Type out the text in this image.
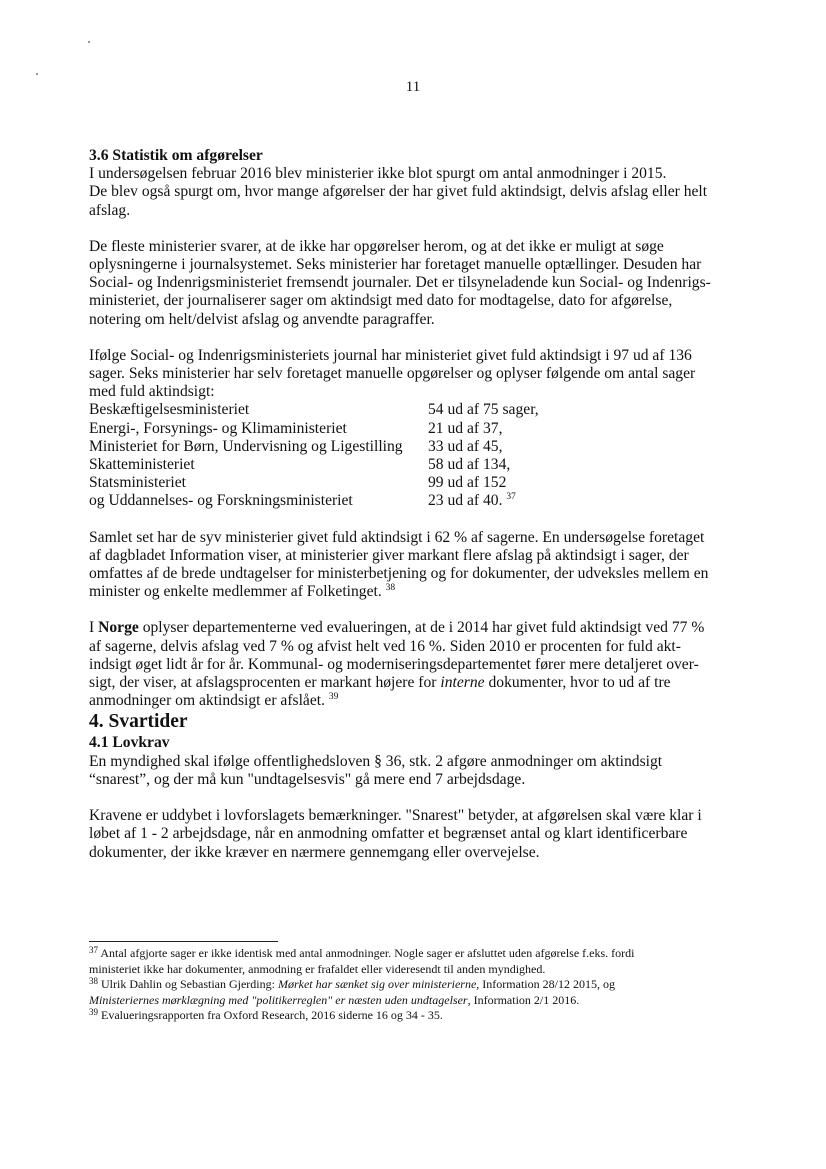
11

3.6 Statistik om afgørelser

I undersøgelsen februar 2016 blev ministerier ikke blot spurgt om antal anmodninger i 2015.
De blev også spurgt om, hvor mange afgørelser der har givet fuld aktindsigt, delvis afslag eller helt
afslag.

De fleste ministerier svarer, at de ikke har opgørelser herom, og at det ikke er muligt at søge
oplysningerne i journalsystemet. Seks ministerier har foretaget manuelle optællinger. Desuden har
Social- og Indenrigsministeriet fremsendt journaler. Det er tilsyneladende kun Social- og Indenrigs-
ministeriet, der journaliserer sager om aktindsigt med dato for modtagelse, dato for afgørelse,
notering om helt/delvist afslag og anvendte paragraffer.

Ifølge Social- og Indenrigsministeriets journal har ministeriet givet fuld aktindsigt i 97 ud af 136
sager. Seks ministerier har selv foretaget manuelle opgørelser og oplyser følgende om antal sager
med fuld aktindsigt:

Beskæftigelsesministeriet	54 ud af 75 sager,
Energi-, Forsynings- og Klimaministeriet	21 ud af 37,
Ministeriet for Børn, Undervisning og Ligestilling	33 ud af 45,
Skatteministeriet	58 ud af 134,
Statsministeriet	99 ud af 152
og Uddannelses- og Forskningsministeriet	23 ud af 40. $^{37}$

Samlet set har de syv ministerier givet fuld aktindsigt i 62 % af sagerne. En undersøgelse foretaget
af dagbladet Information viser, at ministerier giver markant flere afslag på aktindsigt i sager, der
omfattes af de brede undtagelser for ministerbetjening og for dokumenter, der udveksles mellem en
minister og enkelte medlemmer af Folketinget. $^{38}$

I Norge oplyser departementerne ved evalueringen, at de i 2014 har givet fuld aktindsigt ved 77 %
af sagerne, delvis afslag ved 7 % og afvist helt ved 16 %. Siden 2010 er procenten for fuld akt-
indsigt øget lidt år for år. Kommunal- og moderniseringsdepartementet fører mere detaljeret over-
sigt, der viser, at afslagsprocenten er markant højere for interne dokumenter, hvor to ud af tre
anmodninger om aktindsigt er afslået. $^{39}$

4. Svartider

4.1 Lovkrav

En myndighed skal ifølge offentlighedsloven § 36, stk. 2 afgøre anmodninger om aktindsigt
“snarest”, og der må kun "undtagelsesvis" gå mere end 7 arbejdsdage.

Kravene er uddybet i lovforslagets bemærkninger. "Snarest" betyder, at afgørelsen skal være klar i
løbet af 1 - 2 arbejdsdage, når en anmodning omfatter et begrænset antal og klart identificerbare
dokumenter, der ikke kræver en nærmere gennemgang eller overvejelse.

$^{37}$ Antal afgjorte sager er ikke identisk med antal anmodninger. Nogle sager er afsluttet uden afgørelse f.eks. fordi
ministeriet ikke har dokumenter, anmodning er frafaldet eller videresendt til anden myndighed.

$^{38}$ Ulrik Dahlin og Sebastian Gjerding: Mørket har sænket sig over ministerierne, Information 28/12 2015, og
Ministeriernes mørklægning med "politikerreglen" er næsten uden undtagelser, Information 2/1 2016.

$^{39}$ Evalueringsrapporten fra Oxford Research, 2016 siderne 16 og 34 - 35.
